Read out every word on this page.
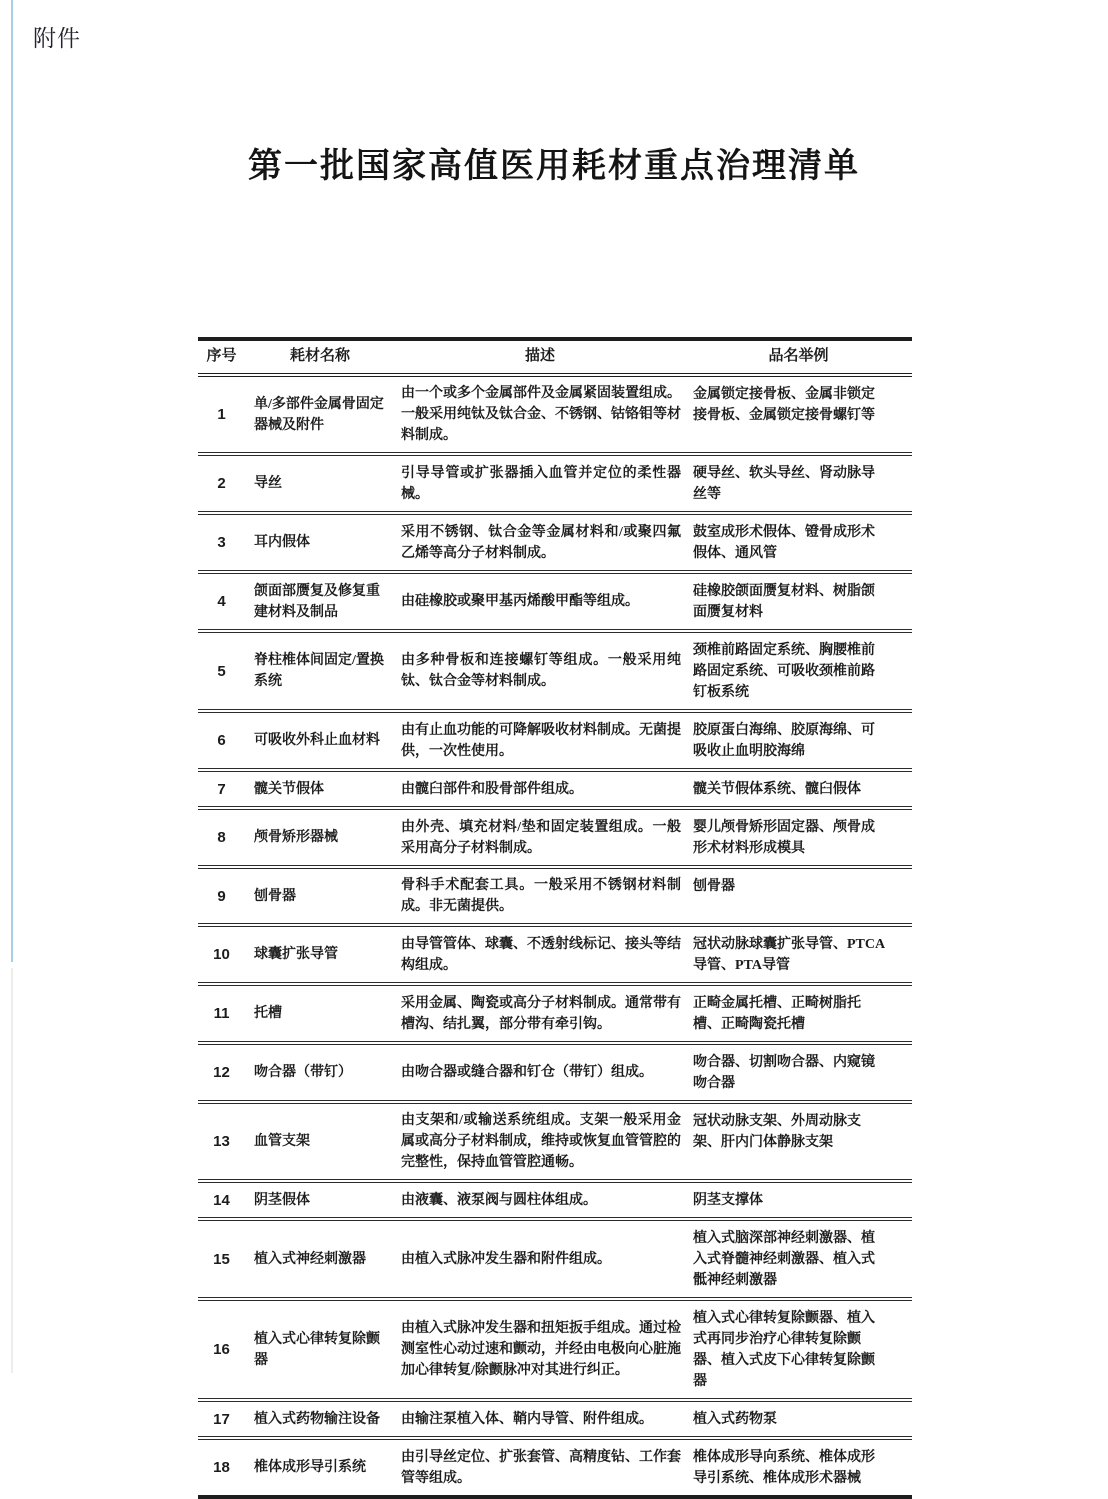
附件
第一批国家高值医用耗材重点治理清单
序号	耗材名称	描述	品名举例
1	单/多部件金属骨固定器械及附件	由一个或多个金属部件及金属紧固装置组成。一般采用纯钛及钛合金、不锈钢、钴铬钼等材料制成。	金属锁定接骨板、金属非锁定接骨板、金属锁定接骨螺钉等
2	导丝	引导导管或扩张器插入血管并定位的柔性器械。	硬导丝、软头导丝、肾动脉导丝等
3	耳内假体	采用不锈钢、钛合金等金属材料和/或聚四氟乙烯等高分子材料制成。	鼓室成形术假体、镫骨成形术假体、通风管
4	颌面部赝复及修复重建材料及制品	由硅橡胶或聚甲基丙烯酸甲酯等组成。	硅橡胶颌面赝复材料、树脂颌面赝复材料
5	脊柱椎体间固定/置换系统	由多种骨板和连接螺钉等组成。一般采用纯钛、钛合金等材料制成。	颈椎前路固定系统、胸腰椎前路固定系统、可吸收颈椎前路钉板系统
6	可吸收外科止血材料	由有止血功能的可降解吸收材料制成。无菌提供，一次性使用。	胶原蛋白海绵、胶原海绵、可吸收止血明胶海绵
7	髋关节假体	由髋臼部件和股骨部件组成。	髋关节假体系统、髋臼假体
8	颅骨矫形器械	由外壳、填充材料/垫和固定装置组成。一般采用高分子材料制成。	婴儿颅骨矫形固定器、颅骨成形术材料形成模具
9	刨骨器	骨科手术配套工具。一般采用不锈钢材料制成。非无菌提供。	刨骨器
10	球囊扩张导管	由导管管体、球囊、不透射线标记、接头等结构组成。	冠状动脉球囊扩张导管、PTCA导管、PTA导管
11	托槽	采用金属、陶瓷或高分子材料制成。通常带有槽沟、结扎翼，部分带有牵引钩。	正畸金属托槽、正畸树脂托槽、正畸陶瓷托槽
12	吻合器（带钉）	由吻合器或缝合器和钉仓（带钉）组成。	吻合器、切割吻合器、内窥镜吻合器
13	血管支架	由支架和/或输送系统组成。支架一般采用金属或高分子材料制成，维持或恢复血管管腔的完整性，保持血管管腔通畅。	冠状动脉支架、外周动脉支架、肝内门体静脉支架
14	阴茎假体	由液囊、液泵阀与圆柱体组成。	阴茎支撑体
15	植入式神经刺激器	由植入式脉冲发生器和附件组成。	植入式脑深部神经刺激器、植入式脊髓神经刺激器、植入式骶神经刺激器
16	植入式心律转复除颤器	由植入式脉冲发生器和扭矩扳手组成。通过检测室性心动过速和颤动，并经由电极向心脏施加心律转复/除颤脉冲对其进行纠正。	植入式心律转复除颤器、植入式再同步治疗心律转复除颤器、植入式皮下心律转复除颤器
17	植入式药物输注设备	由输注泵植入体、鞘内导管、附件组成。	植入式药物泵
18	椎体成形导引系统	由引导丝定位、扩张套管、高精度钻、工作套管等组成。	椎体成形导向系统、椎体成形导引系统、椎体成形术器械
